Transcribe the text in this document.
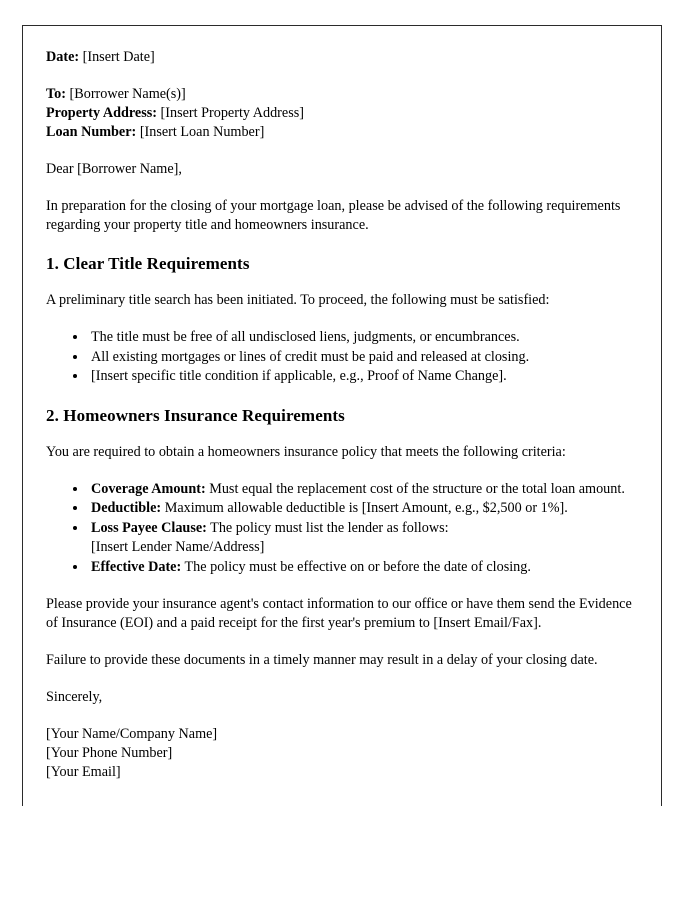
Date: [Insert Date]

To: [Borrower Name(s)]

Property Address: [Insert Property Address]

Loan Number: [Insert Loan Number]

Dear [Borrower Name],

In preparation for the closing of your mortgage loan, please be advised of the following requirements regarding your property title and homeowners insurance.

1. Clear Title Requirements

A preliminary title search has been initiated. To proceed, the following must be satisfied:

• The title must be free of all undisclosed liens, judgments, or encumbrances.
• All existing mortgages or lines of credit must be paid and released at closing.
• [Insert specific title condition if applicable, e.g., Proof of Name Change].
2. Homeowners Insurance Requirements

You are required to obtain a homeowners insurance policy that meets the following criteria:

• Coverage Amount: Must equal the replacement cost of the structure or the total loan amount.
• Deductible: Maximum allowable deductible is [Insert Amount, e.g., $2,500 or 1%].
• Loss Payee Clause: The policy must list the lender as follows:
[Insert Lender Name/Address]
• Effective Date: The policy must be effective on or before the date of closing.

Please provide your insurance agent's contact information to our office or have them send the Evidence of Insurance (EOI) and a paid receipt for the first year's premium to [Insert Email/Fax].

Failure to provide these documents in a timely manner may result in a delay of your closing date.

Sincerely,

[Your Name/Company Name]

[Your Phone Number]

[Your Email]
